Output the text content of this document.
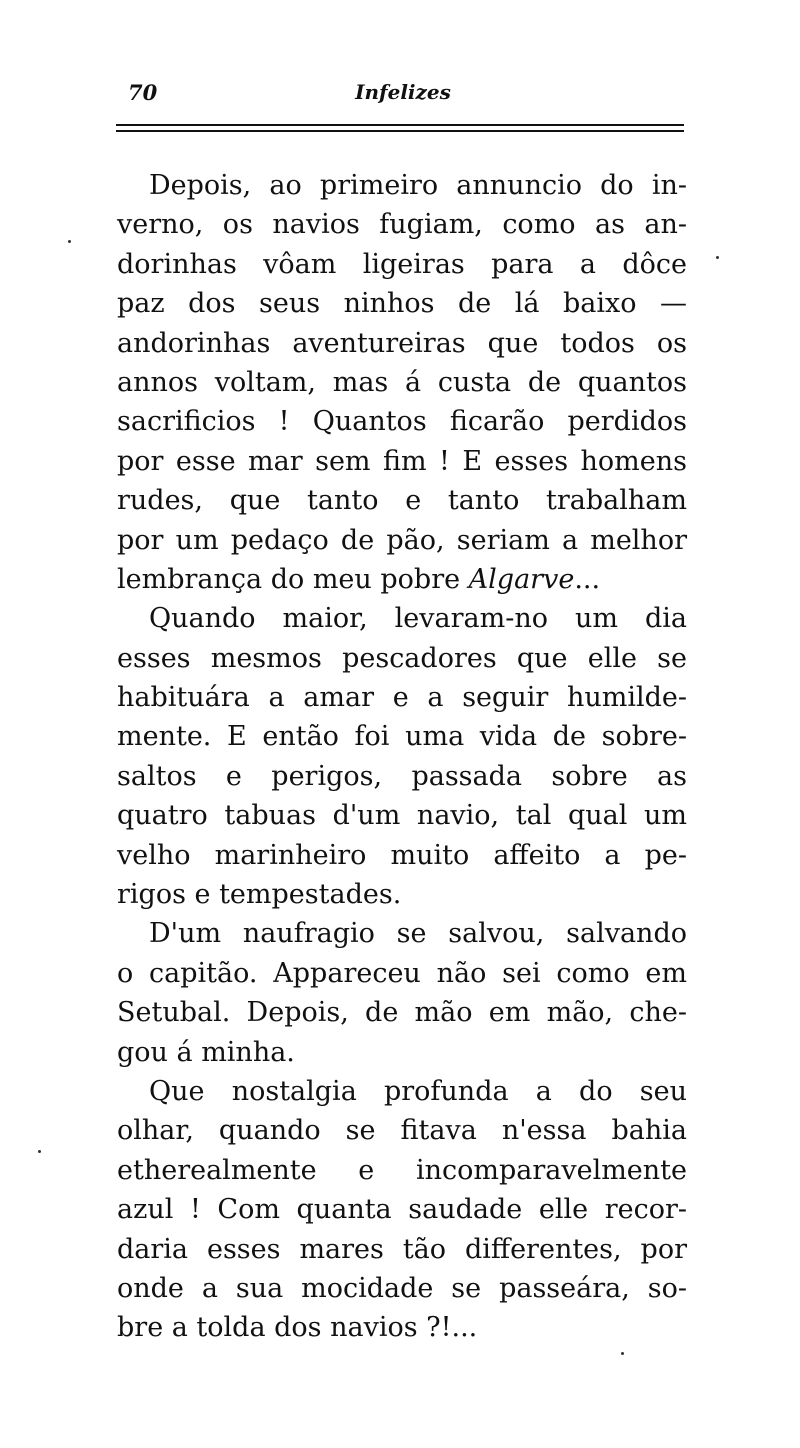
70	Infelizes
Depois, ao primeiro annuncio do in-
verno, os navios fugiam, como as an-
dorinhas vôam ligeiras para a dôce
paz dos seus ninhos de lá baixo —
andorinhas aventureiras que todos os
annos voltam, mas á custa de quantos
sacrificios ! Quantos ficarão perdidos
por esse mar sem fim ! E esses homens
rudes, que tanto e tanto trabalham
por um pedaço de pão, seriam a melhor
lembrança do meu pobre Algarve...
Quando maior, levaram-no um dia
esses mesmos pescadores que elle se
habituára a amar e a seguir humilde-
mente. E então foi uma vida de sobre-
saltos e perigos, passada sobre as
quatro tabuas d'um navio, tal qual um
velho marinheiro muito affeito a pe-
rigos e tempestades.
D'um naufragio se salvou, salvando
o capitão. Appareceu não sei como em
Setubal. Depois, de mão em mão, che-
gou á minha.
Que nostalgia profunda a do seu
olhar, quando se fitava n'essa bahia
etherealmente e incomparavelmente
azul ! Com quanta saudade elle recor-
daria esses mares tão differentes, por
onde a sua mocidade se passeára, so-
bre a tolda dos navios ?!...
